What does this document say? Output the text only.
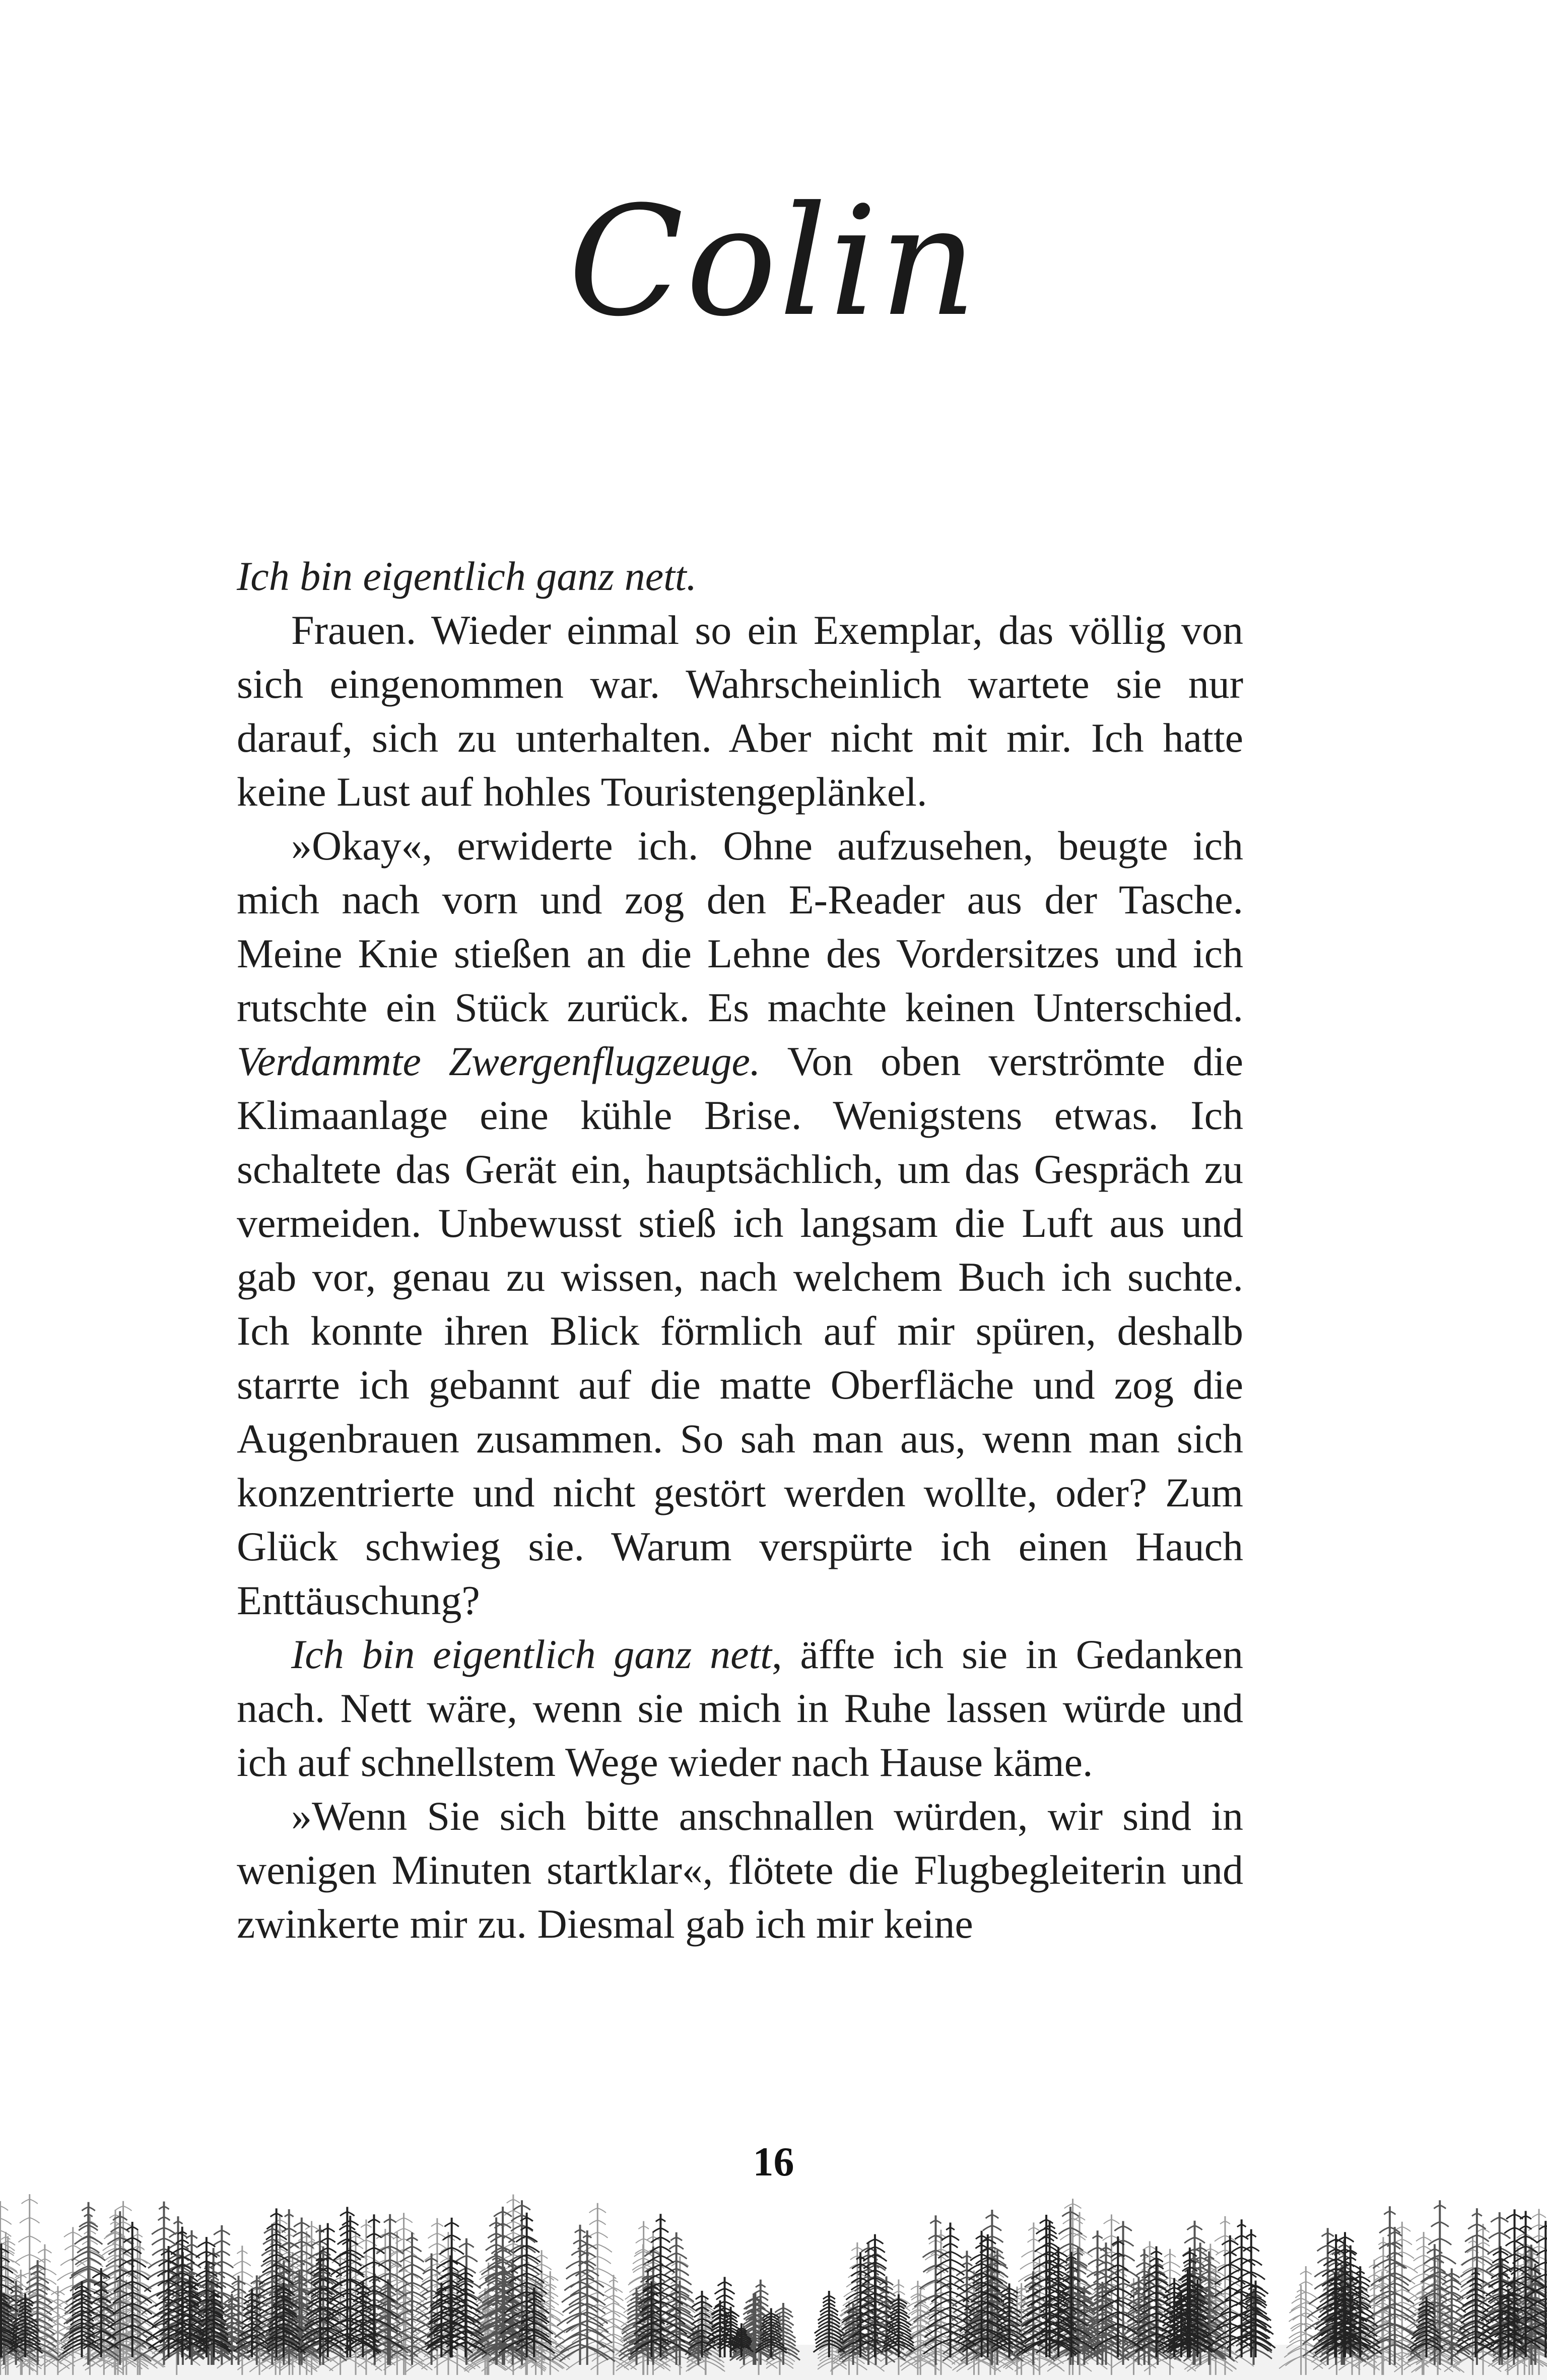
Colin

Ich bin eigentlich ganz nett.

Frauen. Wieder einmal so ein Exemplar, das völlig von sich eingenommen war. Wahrscheinlich wartete sie nur darauf, sich zu unterhalten. Aber nicht mit mir. Ich hatte keine Lust auf hohles Touristengeplänkel.

»Okay«, erwiderte ich. Ohne aufzusehen, beugte ich mich nach vorn und zog den E-Reader aus der Tasche. Meine Knie stießen an die Lehne des Vordersitzes und ich rutschte ein Stück zurück. Es machte keinen Unterschied. Verdammte Zwergenflugzeuge. Von oben verströmte die Klimaanlage eine kühle Brise. Wenigstens etwas. Ich schaltete das Gerät ein, hauptsächlich, um das Gespräch zu vermeiden. Unbewusst stieß ich langsam die Luft aus und gab vor, genau zu wissen, nach welchem Buch ich suchte. Ich konnte ihren Blick förmlich auf mir spüren, deshalb starrte ich gebannt auf die matte Oberfläche und zog die Augenbrauen zusammen. So sah man aus, wenn man sich konzentrierte und nicht gestört werden wollte, oder? Zum Glück schwieg sie. Warum verspürte ich einen Hauch Enttäuschung?

Ich bin eigentlich ganz nett, äffte ich sie in Gedanken nach. Nett wäre, wenn sie mich in Ruhe lassen würde und ich auf schnellstem Wege wieder nach Hause käme.

»Wenn Sie sich bitte anschnallen würden, wir sind in wenigen Minuten startklar«, flötete die Flugbegleiterin und zwinkerte mir zu. Diesmal gab ich mir keine

16
